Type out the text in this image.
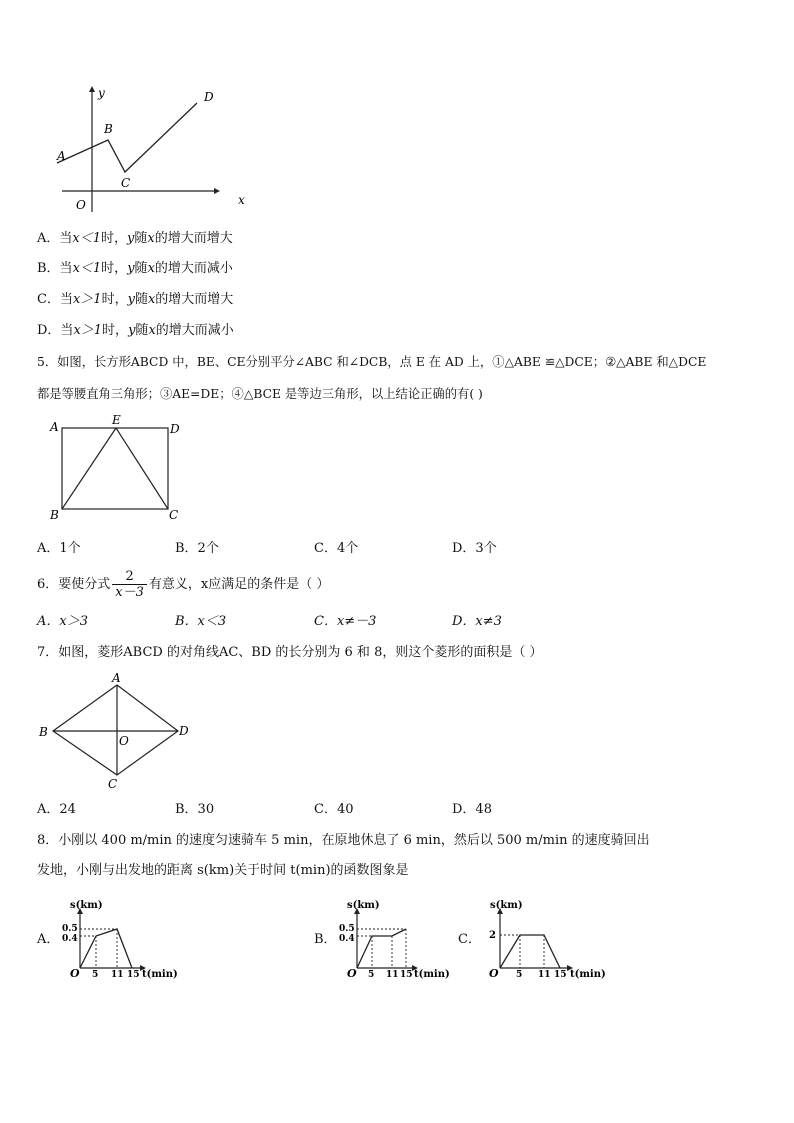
y
x
O
A
B
C
D
A．当x＜1时，y随x的增大而增大
B．当x＜1时，y随x的增大而减小
C．当x＞1时，y随x的增大而增大
D．当x＞1时，y随x的增大而减小
5．如图，长方形ABCD 中，BE、CE分别平分∠ABC 和∠DCB，点 E 在 AD 上，①△ABE ≌△DCE；②△ABE 和△DCE
都是等腰直角三角形；③AE=DE；④△BCE 是等边三角形，以上结论正确的有( )
A	E
D
B	C
A．1个	B．2个	C．4个	D．3个
6．要使分式 $\frac{2}{x-3}$ 有意义，x应满足的条件是（ ）
A．x＞3	B．x＜3	C．x≠－3	D．x≠3
7．如图，菱形ABCD 的对角线AC、BD 的长分别为 6 和 8，则这个菱形的面积是（ ）
A
B
C
D
O
A．24	B．30	C．40	D．48
8．小刚以 400 m/min 的速度匀速骑车 5 min，在原地休息了 6 min，然后以 500 m/min 的速度骑回出
发地，小刚与出发地的距离 s(km)关于时间 t(min)的函数图象是
A．
s(km)
0.5
0.4
O 5 11 15 t(min)
B．
s(km)
0.5
0.4
O 5 11 15 t(min)
C．
s(km)
2
O 5 11 15 t(min)
